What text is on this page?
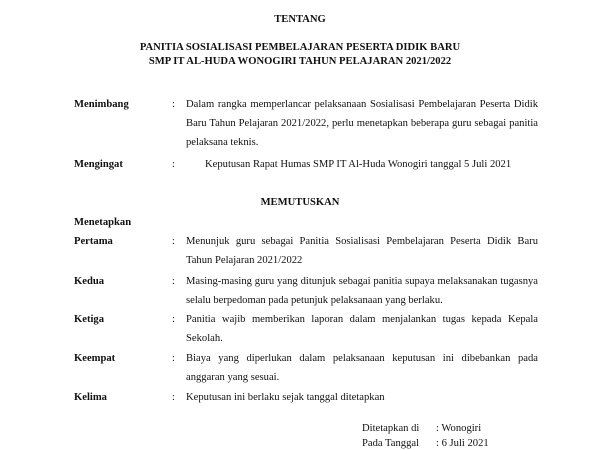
TENTANG
PANITIA SOSIALISASI PEMBELAJARAN PESERTA DIDIK BARU
SMP IT AL-HUDA WONOGIRI TAHUN PELAJARAN 2021/2022
Menimbang	: Dalam rangka memperlancar pelaksanaan Sosialisasi Pembelajaran Peserta Didik
Baru Tahun Pelajaran 2021/2022, perlu menetapkan beberapa guru sebagai panitia
pelaksana teknis.
Mengingat	:	Keputusan Rapat Humas SMP IT Al-Huda Wonogiri tanggal 5 Juli 2021
MEMUTUSKAN
Menetapkan
Pertama	: Menunjuk guru sebagai Panitia Sosialisasi Pembelajaran Peserta Didik Baru
Tahun Pelajaran 2021/2022
Kedua	: Masing-masing guru yang ditunjuk sebagai panitia supaya melaksanakan tugasnya
selalu berpedoman pada petunjuk pelaksanaan yang berlaku.
Ketiga	: Panitia wajib memberikan laporan dalam menjalankan tugas kepada Kepala
Sekolah.
Keempat	: Biaya yang diperlukan dalam pelaksanaan keputusan ini dibebankan pada
anggaran yang sesuai.
Kelima	: Keputusan ini berlaku sejak tanggal ditetapkan
Ditetapkan di : Wonogiri
Pada Tanggal : 6 Juli 2021
